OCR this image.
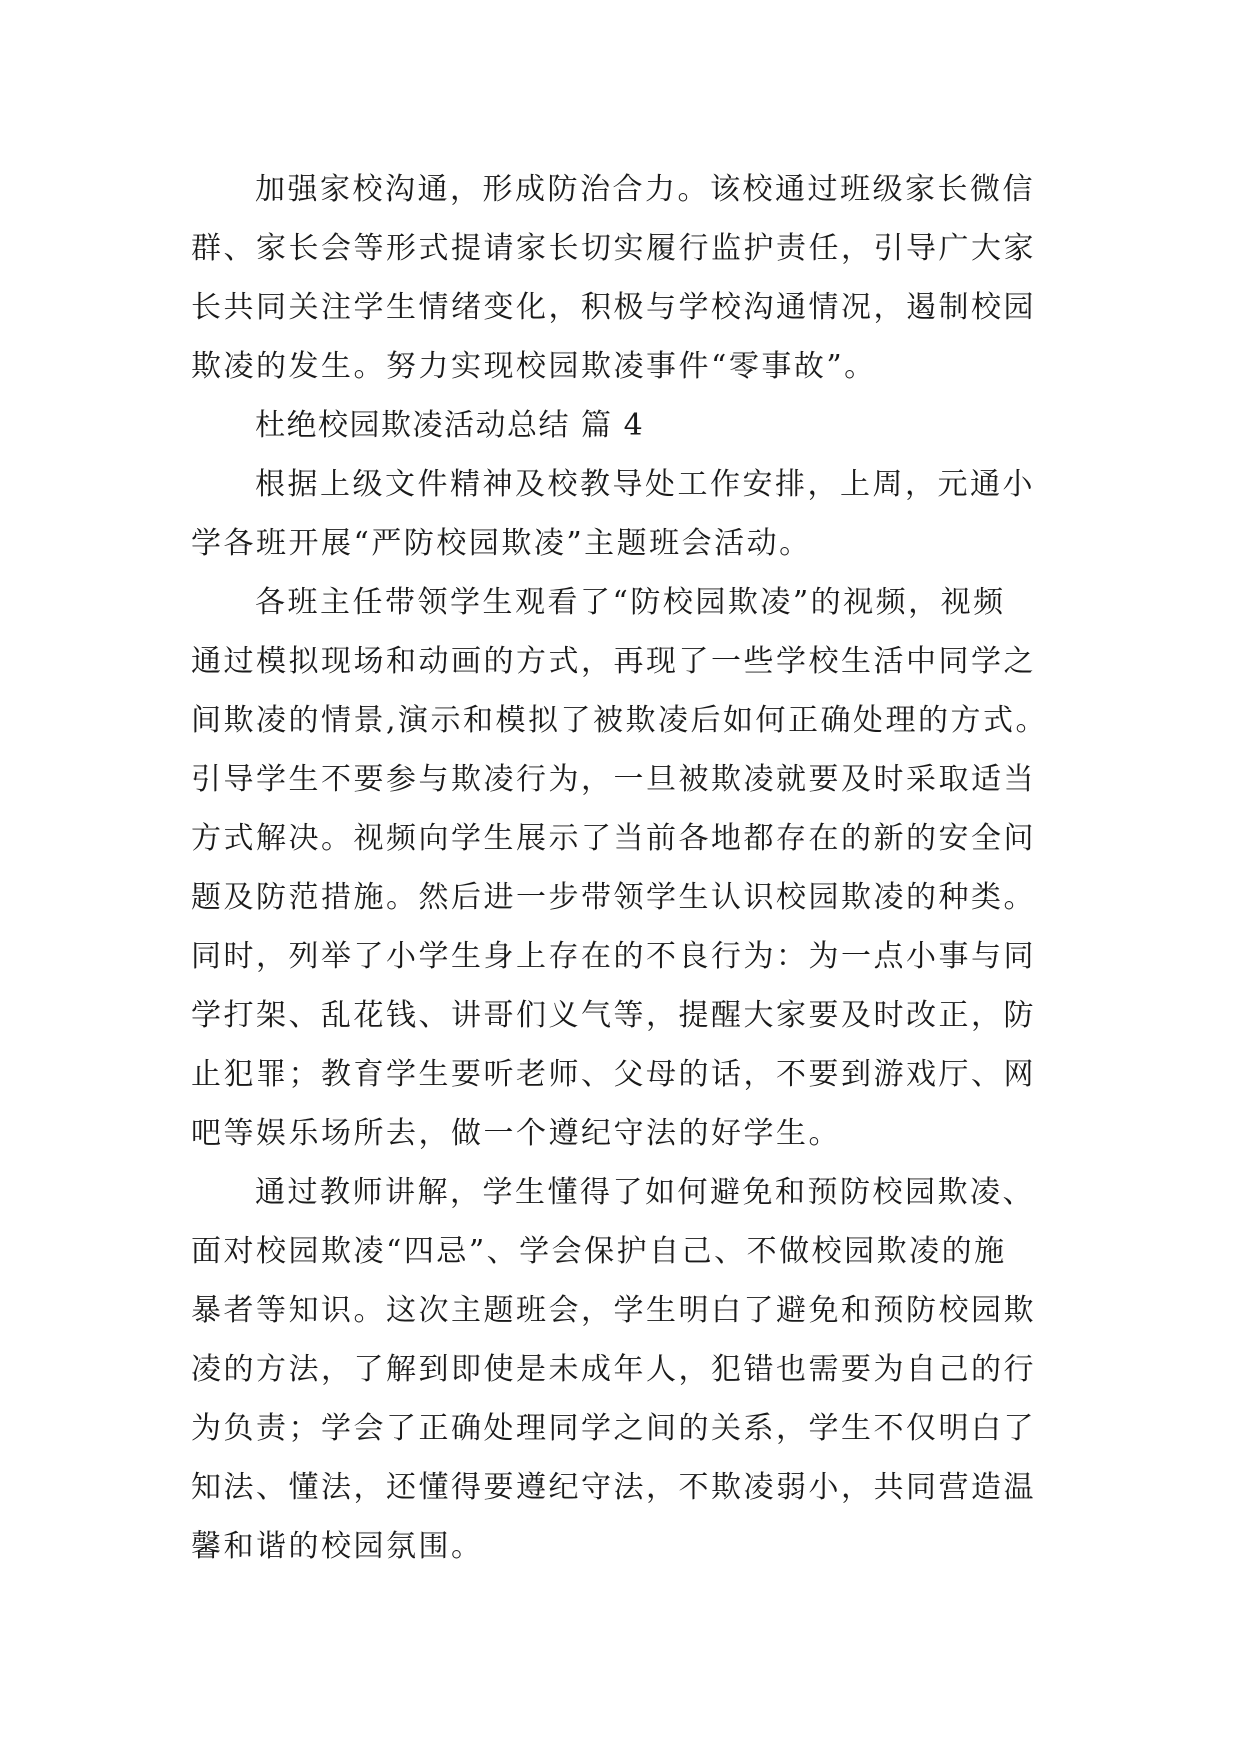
加强家校沟通，形成防治合力。该校通过班级家长微信

群、家长会等形式提请家长切实履行监护责任，引导广大家

长共同关注学生情绪变化，积极与学校沟通情况，遏制校园

欺凌的发生。努力实现校园欺凌事件“零事故”。

杜绝校园欺凌活动总结 篇 4

根据上级文件精神及校教导处工作安排，上周，元通小

学各班开展“严防校园欺凌”主题班会活动。

各班主任带领学生观看了“防校园欺凌”的视频，视频

通过模拟现场和动画的方式，再现了一些学校生活中同学之

间欺凌的情景,演示和模拟了被欺凌后如何正确处理的方式。

引导学生不要参与欺凌行为，一旦被欺凌就要及时采取适当

方式解决。视频向学生展示了当前各地都存在的新的安全问

题及防范措施。然后进一步带领学生认识校园欺凌的种类。

同时，列举了小学生身上存在的不良行为：为一点小事与同

学打架、乱花钱、讲哥们义气等，提醒大家要及时改正，防

止犯罪；教育学生要听老师、父母的话，不要到游戏厅、网

吧等娱乐场所去，做一个遵纪守法的好学生。

通过教师讲解，学生懂得了如何避免和预防校园欺凌、

面对校园欺凌“四忌”、学会保护自己、不做校园欺凌的施

暴者等知识。这次主题班会，学生明白了避免和预防校园欺

凌的方法，了解到即使是未成年人，犯错也需要为自己的行

为负责；学会了正确处理同学之间的关系，学生不仅明白了

知法、懂法，还懂得要遵纪守法，不欺凌弱小，共同营造温

馨和谐的校园氛围。
